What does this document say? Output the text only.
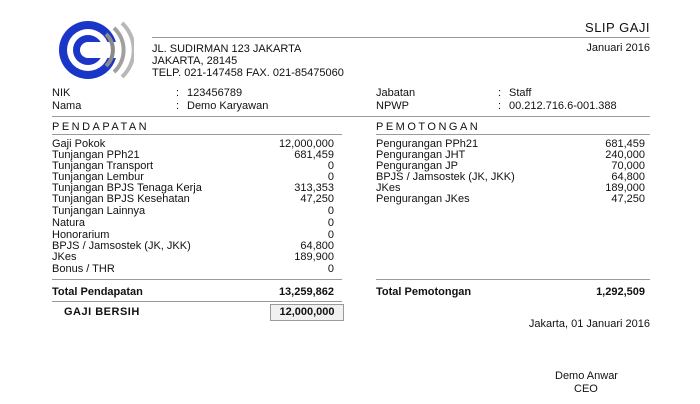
JL. SUDIRMAN 123 JAKARTA
JAKARTA, 28145
TELP. 021-147458 FAX. 021-85475060
SLIP GAJI
Januari 2016
NIK	: 123456789
Nama	: Demo Karyawan
Jabatan	: Staff
NPWP	: 00.212.716.6-001.388
PENDAPATAN	PEMOTONGAN
Gaji Pokok	12,000,000
Tunjangan PPh21	681,459
Tunjangan Transport	0
Tunjangan Lembur	0
Tunjangan BPJS Tenaga Kerja	313,353
Tunjangan BPJS Kesehatan	47,250
Tunjangan Lainnya	0
Natura	0
Honorarium	0
BPJS / Jamsostek (JK, JKK)	64,800
JKes	189,900
Bonus / THR	0
Pengurangan PPh21	681,459
Pengurangan JHT	240,000
Pengurangan JP	70,000
BPJS / Jamsostek (JK, JKK)	64,800
JKes	189,000
Pengurangan JKes	47,250
Total Pendapatan	13,259,862	Total Pemotongan	1,292,509
GAJI BERSIH	12,000,000
Jakarta, 01 Januari 2016
Demo Anwar
CEO
